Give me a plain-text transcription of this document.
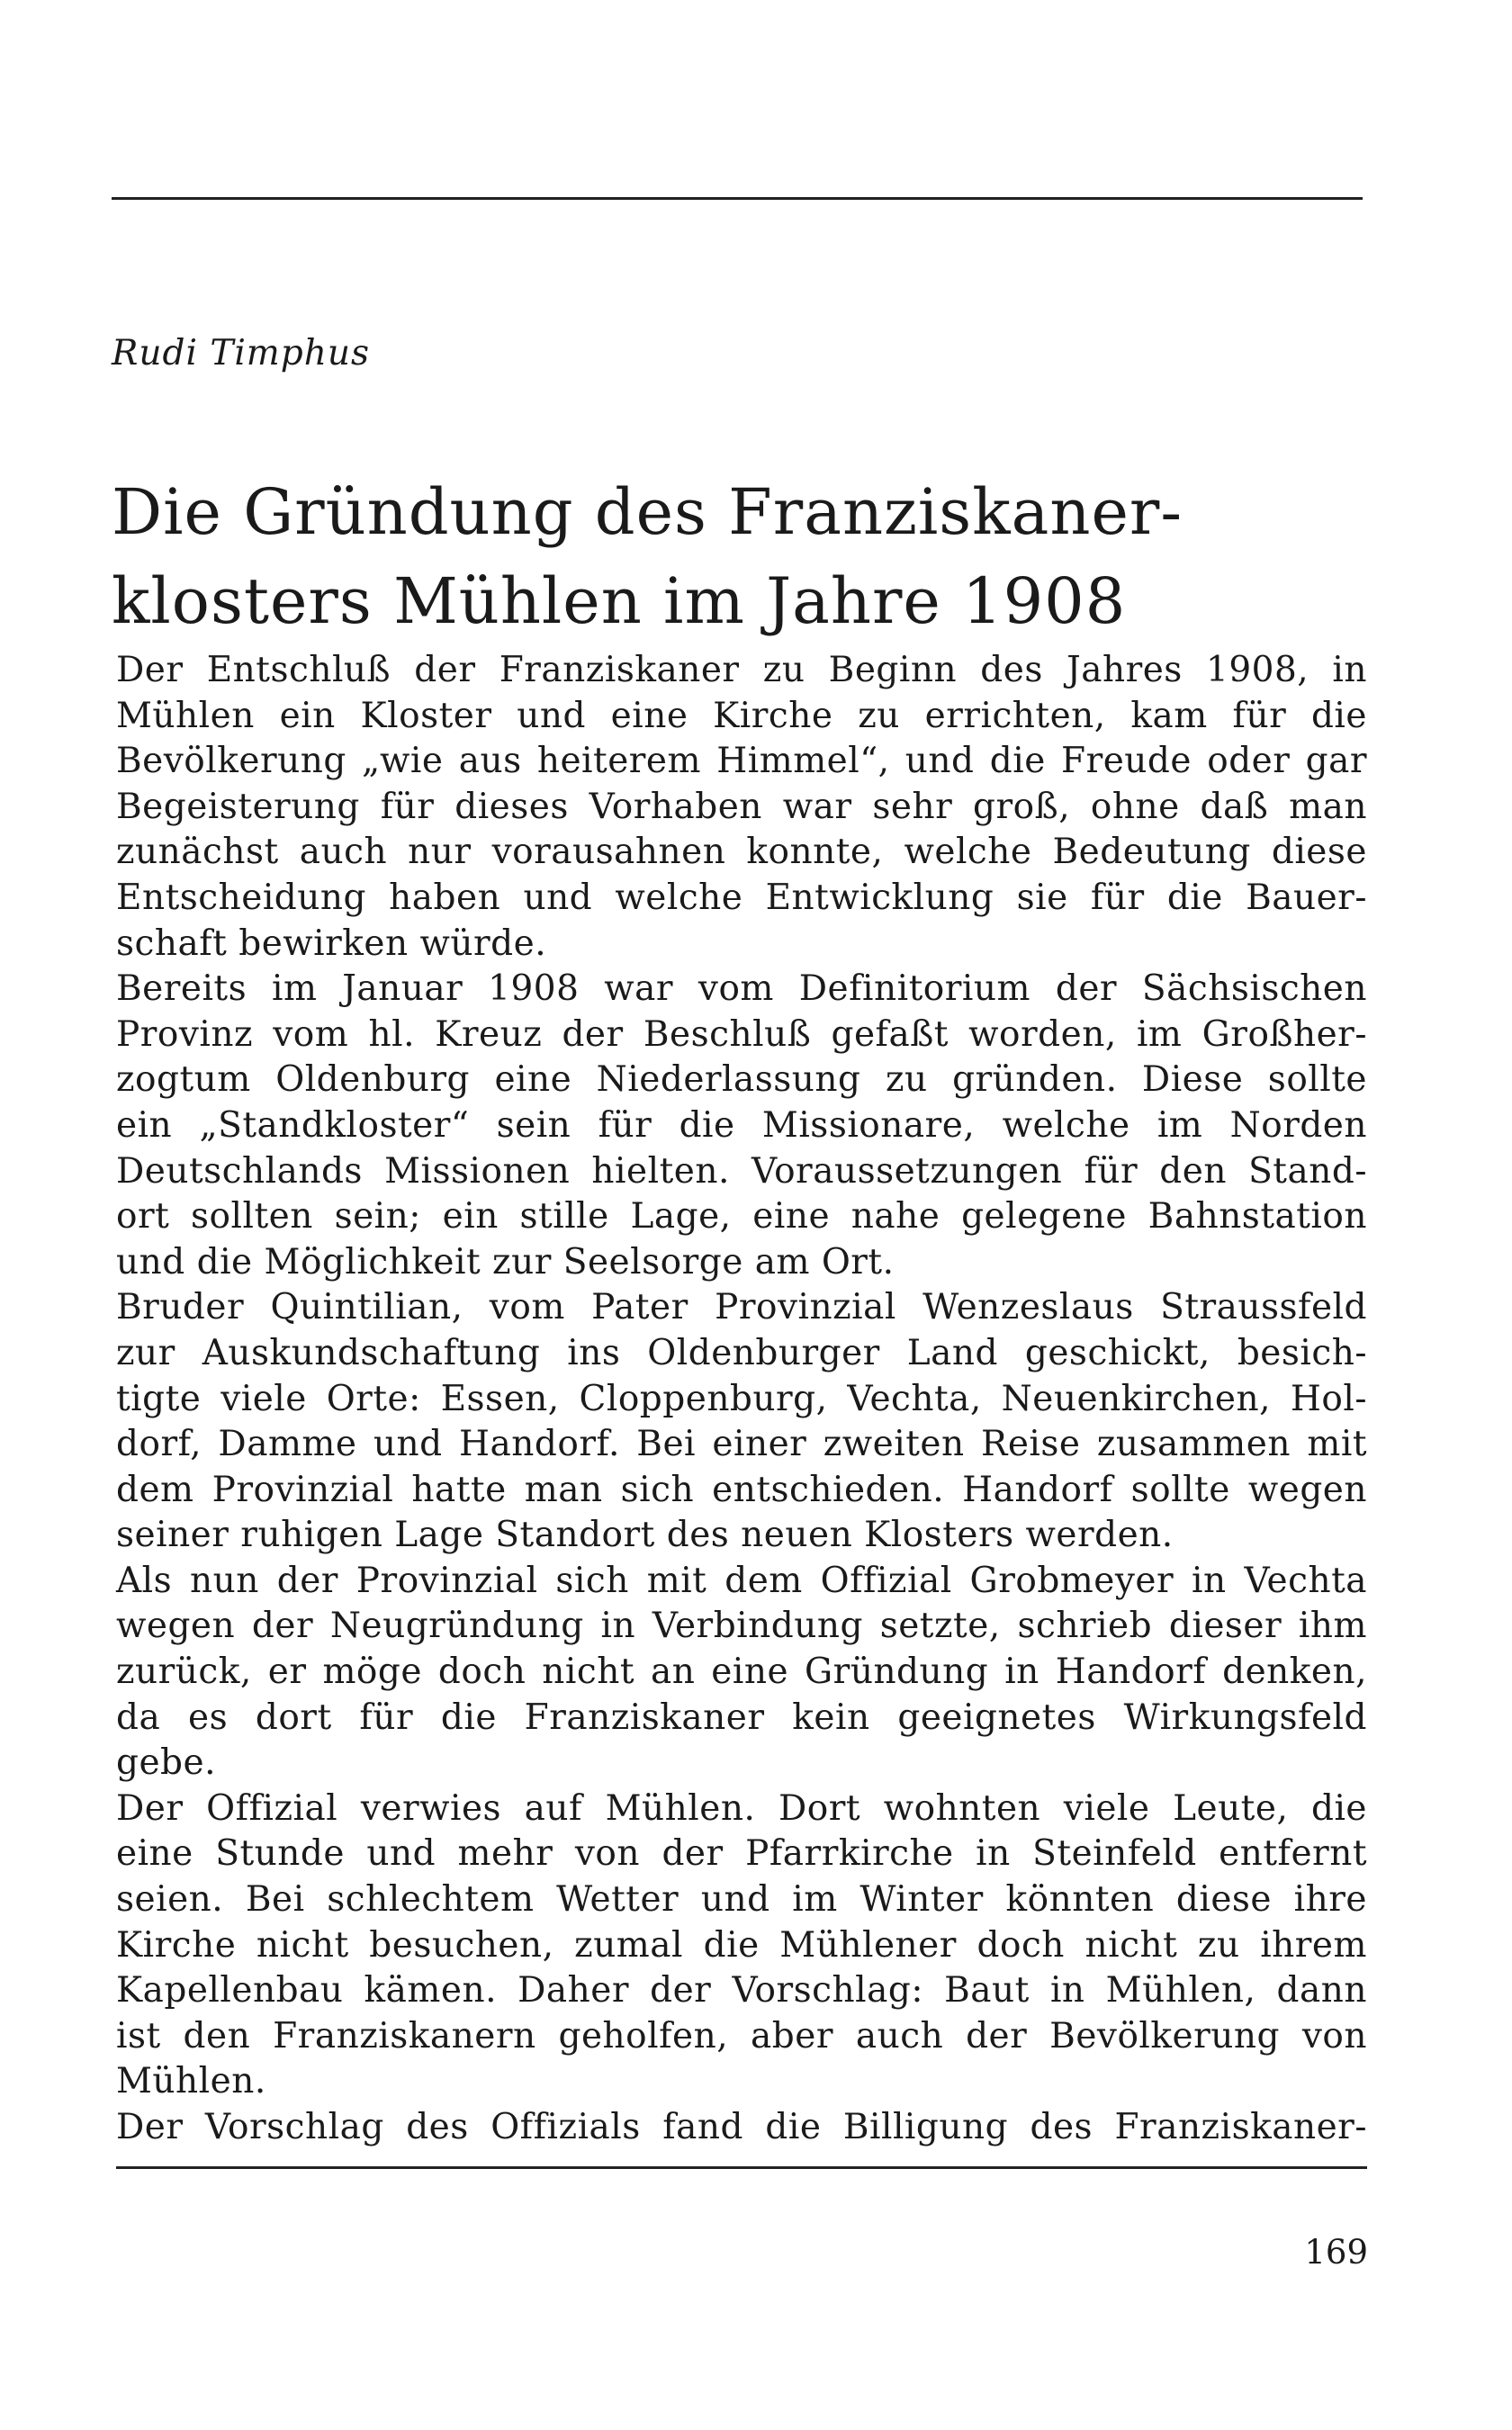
Rudi Timphus
Die Gründung des Franziskaner-
klosters Mühlen im Jahre 1908
Der Entschluß der Franziskaner zu Beginn des Jahres 1908, in
Mühlen ein Kloster und eine Kirche zu errichten, kam für die
Bevölkerung „wie aus heiterem Himmel“, und die Freude oder gar
Begeisterung für dieses Vorhaben war sehr groß, ohne daß man
zunächst auch nur vorausahnen konnte, welche Bedeutung diese
Entscheidung haben und welche Entwicklung sie für die Bauer-
schaft bewirken würde.
Bereits im Januar 1908 war vom Definitorium der Sächsischen
Provinz vom hl. Kreuz der Beschluß gefaßt worden, im Großher-
zogtum Oldenburg eine Niederlassung zu gründen. Diese sollte
ein „Standkloster“ sein für die Missionare, welche im Norden
Deutschlands Missionen hielten. Voraussetzungen für den Stand-
ort sollten sein; ein stille Lage, eine nahe gelegene Bahnstation
und die Möglichkeit zur Seelsorge am Ort.
Bruder Quintilian, vom Pater Provinzial Wenzeslaus Straussfeld
zur Auskundschaftung ins Oldenburger Land geschickt, besich-
tigte viele Orte: Essen, Cloppenburg, Vechta, Neuenkirchen, Hol-
dorf, Damme und Handorf. Bei einer zweiten Reise zusammen mit
dem Provinzial hatte man sich entschieden. Handorf sollte wegen
seiner ruhigen Lage Standort des neuen Klosters werden.
Als nun der Provinzial sich mit dem Offizial Grobmeyer in Vechta
wegen der Neugründung in Verbindung setzte, schrieb dieser ihm
zurück, er möge doch nicht an eine Gründung in Handorf denken,
da es dort für die Franziskaner kein geeignetes Wirkungsfeld
gebe.
Der Offizial verwies auf Mühlen. Dort wohnten viele Leute, die
eine Stunde und mehr von der Pfarrkirche in Steinfeld entfernt
seien. Bei schlechtem Wetter und im Winter könnten diese ihre
Kirche nicht besuchen, zumal die Mühlener doch nicht zu ihrem
Kapellenbau kämen. Daher der Vorschlag: Baut in Mühlen, dann
ist den Franziskanern geholfen, aber auch der Bevölkerung von
Mühlen.
Der Vorschlag des Offizials fand die Billigung des Franziskaner-
169
